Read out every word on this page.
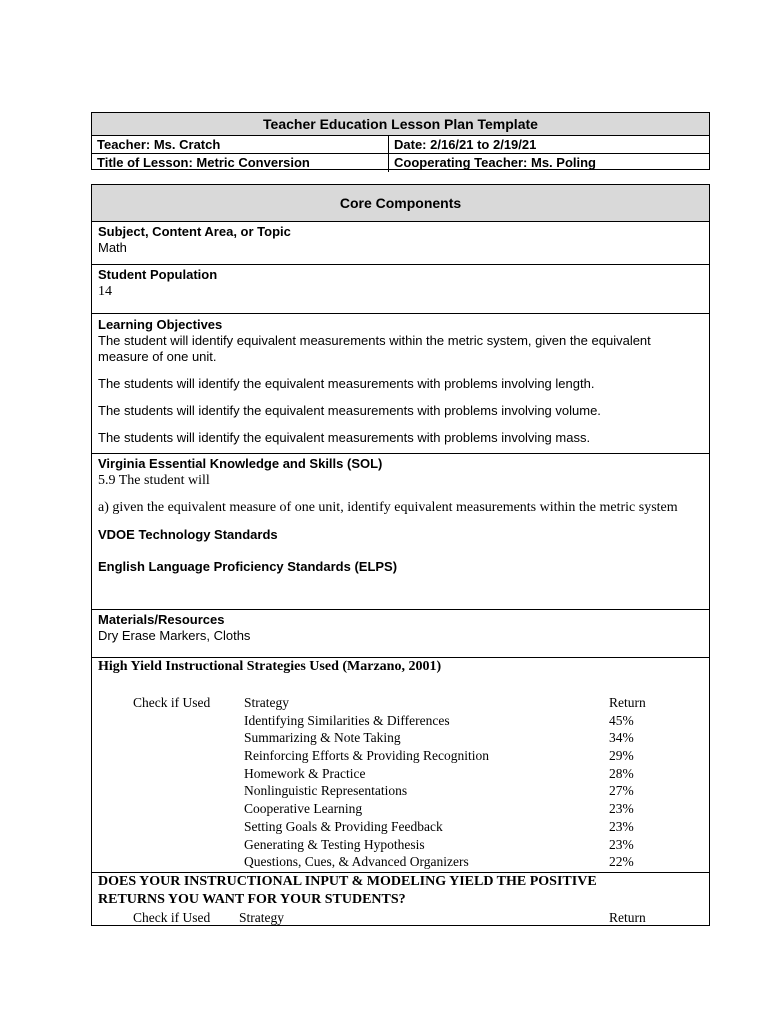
Teacher Education Lesson Plan Template
Teacher: Ms. Cratch	Date: 2/16/21 to 2/19/21
Title of Lesson: Metric Conversion	Cooperating Teacher: Ms. Poling
Core Components

Subject, Content Area, or Topic

Math

Student Population

14

Learning Objectives

The student will identify equivalent measurements within the metric system, given the equivalent measure of one unit.

The students will identify the equivalent measurements with problems involving length.

The students will identify the equivalent measurements with problems involving volume.

The students will identify the equivalent measurements with problems involving mass.

Virginia Essential Knowledge and Skills (SOL)

5.9 The student will

a) given the equivalent measure of one unit, identify equivalent measurements within the metric system

VDOE Technology Standards

English Language Proficiency Standards (ELPS)

Materials/Resources

Dry Erase Markers, Cloths

High Yield Instructional Strategies Used (Marzano, 2001)

Check if Used	Strategy	Return
Identifying Similarities & Differences	45%
Summarizing & Note Taking	34%
Reinforcing Efforts & Providing Recognition	29%
Homework & Practice	28%
Nonlinguistic Representations	27%
Cooperative Learning	23%
Setting Goals & Providing Feedback	23%
Generating & Testing Hypothesis	23%
Questions, Cues, & Advanced Organizers	22%

DOES YOUR INSTRUCTIONAL INPUT & MODELING YIELD THE POSITIVE RETURNS YOU WANT FOR YOUR STUDENTS?

Check if Used Strategy	Return
